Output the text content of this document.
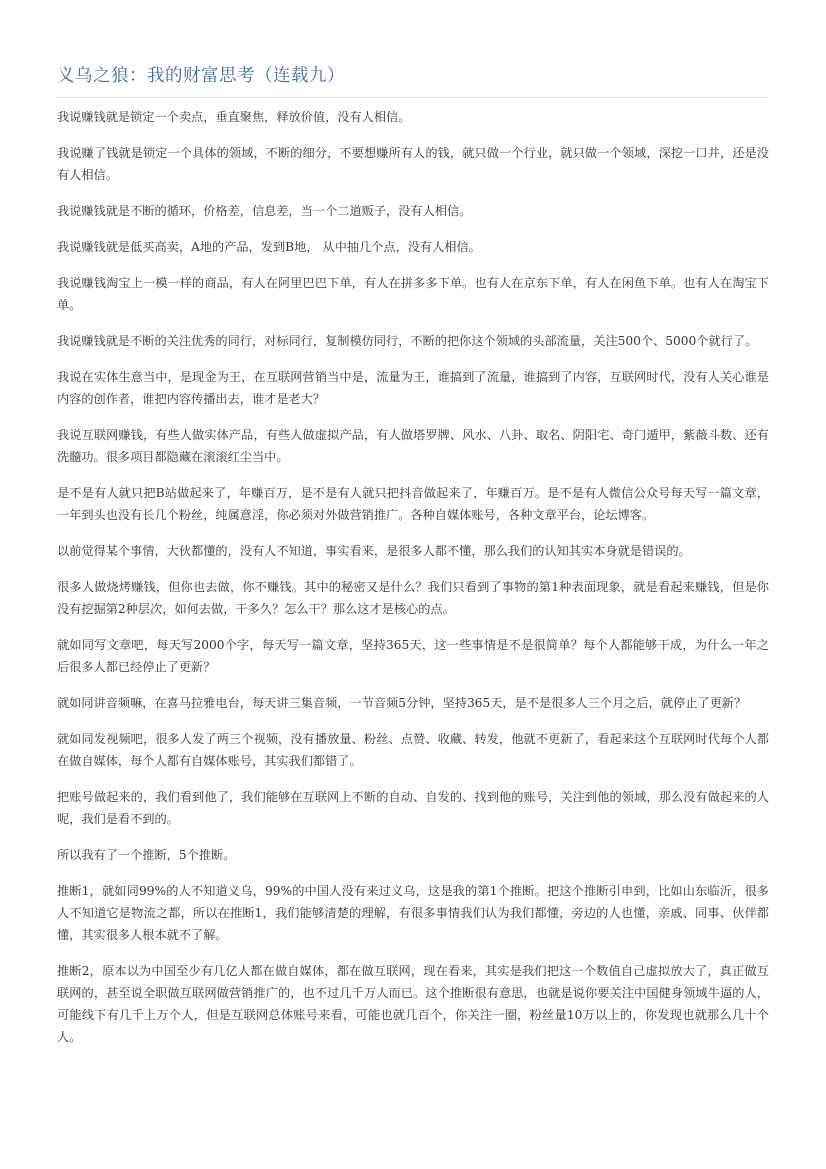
义乌之狼：我的财富思考（连载九）

我说赚钱就是锁定一个卖点，垂直聚焦，释放价值，没有人相信。

我说赚了钱就是锁定一个具体的领域，不断的细分，不要想赚所有人的钱，就只做一个行业，就只做一个领域，深挖一口井，还是没有人相信。

我说赚钱就是不断的循环，价格差，信息差，当一个二道贩子，没有人相信。

我说赚钱就是低买高卖，A地的产品，发到B地， 从中抽几个点，没有人相信。

我说赚钱淘宝上一模一样的商品，有人在阿里巴巴下单，有人在拼多多下单。也有人在京东下单，有人在闲鱼下单。也有人在淘宝下单。

我说赚钱就是不断的关注优秀的同行，对标同行，复制模仿同行，不断的把你这个领域的头部流量，关注500个、5000个就行了。

我说在实体生意当中，是现金为王，在互联网营销当中是，流量为王，谁搞到了流量，谁搞到了内容，互联网时代，没有人关心谁是内容的创作者，谁把内容传播出去，谁才是老大？

我说互联网赚钱，有些人做实体产品，有些人做虚拟产品，有人做塔罗牌、风水、八卦、取名、阴阳宅、奇门遁甲，紫薇斗数、还有洗髓功。很多项目都隐藏在滚滚红尘当中。

是不是有人就只把B站做起来了，年赚百万，是不是有人就只把抖音做起来了，年赚百万。是不是有人微信公众号每天写一篇文章，一年到头也没有长几个粉丝，纯属意淫，你必须对外做营销推广。各种自媒体账号，各种文章平台，论坛博客。

以前觉得某个事情，大伙都懂的，没有人不知道，事实看来，是很多人都不懂，那么我们的认知其实本身就是错误的。

很多人做烧烤赚钱，但你也去做，你不赚钱。其中的秘密又是什么？我们只看到了事物的第1种表面现象，就是看起来赚钱，但是你没有挖掘第2种层次，如何去做，干多久？怎么干？那么这才是核心的点。

就如同写文章吧，每天写2000个字，每天写一篇文章，坚持365天，这一些事情是不是很简单？每个人都能够干成，为什么一年之后很多人都已经停止了更新？

就如同讲音频嘛，在喜马拉雅电台，每天讲三集音频，一节音频5分钟，坚持365天，是不是很多人三个月之后，就停止了更新？

就如同发视频吧，很多人发了两三个视频，没有播放量、粉丝、点赞、收藏、转发，他就不更新了，看起来这个互联网时代每个人都在做自媒体，每个人都有自媒体账号，其实我们都错了。

把账号做起来的，我们看到他了，我们能够在互联网上不断的自动、自发的、找到他的账号，关注到他的领域，那么没有做起来的人呢，我们是看不到的。

所以我有了一个推断，5个推断。

推断1，就如同99%的人不知道义乌，99%的中国人没有来过义乌，这是我的第1个推断。把这个推断引申到，比如山东临沂，很多人不知道它是物流之都，所以在推断1，我们能够清楚的理解，有很多事情我们认为我们都懂，旁边的人也懂，亲戚、同事、伙伴都懂，其实很多人根本就不了解。

推断2，原本以为中国至少有几亿人都在做自媒体，都在做互联网，现在看来，其实是我们把这一个数值自己虚拟放大了，真正做互联网的，甚至说全职做互联网做营销推广的，也不过几千万人而已。这个推断很有意思，也就是说你要关注中国健身领域牛逼的人，可能线下有几千上万个人，但是互联网总体账号来看，可能也就几百个，你关注一圈，粉丝量10万以上的，你发现也就那么几十个人。
